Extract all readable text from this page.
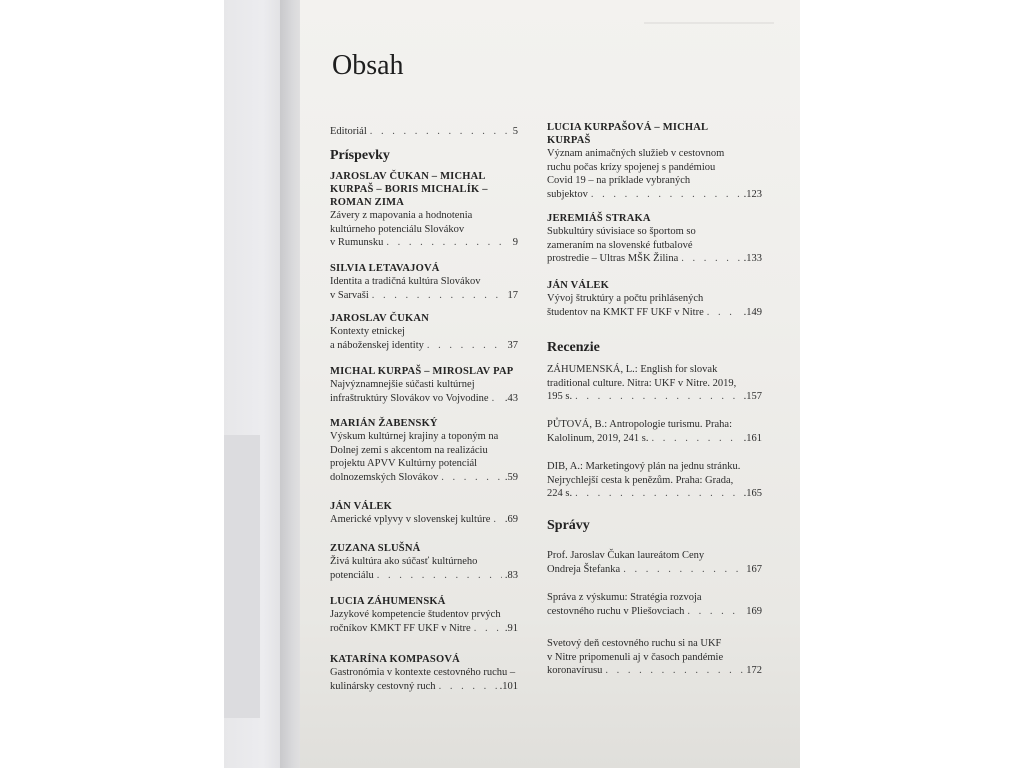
Obsah
Editoriál . . .	5
Príspevky
JAROSLAV ČUKAN – MICHAL
KURPAŠ – BORIS MICHALÍK –
ROMAN ZIMA
Závery z mapovania a hodnotenia
kultúrneho potenciálu Slovákov
v Rumunsku . . .	9
SILVIA LETAVAJOVÁ
Identita a tradičná kultúra Slovákov
v Sarvaši . . .	17
JAROSLAV ČUKAN
Kontexty etnickej
a náboženskej identity . . .	37
MICHAL KURPAŠ – MIROSLAV PAP
Najvýznamnejšie súčasti kultúrnej
infraštruktúry Slovákov vo Vojvodine . . . .43
MARIÁN ŽABENSKÝ
Výskum kultúrnej krajiny a toponým na
Dolnej zemi s akcentom na realizáciu
projektu APVV Kultúrny potenciál
dolnozemských Slovákov . . .	.59
JÁN VÁLEK
Americké vplyvy v slovenskej kultúre . . . .69
ZUZANA SLUŠNÁ
Živá kultúra ako súčasť kultúrneho
potenciálu . . .	.83
LUCIA ZÁHUMENSKÁ
Jazykové kompetencie študentov prvých
ročníkov KMKT FF UKF v Nitre . . .	.91
KATARÍNA KOMPASOVÁ
Gastronómia v kontexte cestovného ruchu –
kulinársky cestovný ruch . . .	.101
LUCIA KURPAŠOVÁ – MICHAL
KURPAŠ
Význam animačných služieb v cestovnom
ruchu počas krízy spojenej s pandémiou
Covid 19 – na príklade vybraných
subjektov . . .	.123
JEREMIÁŠ STRAKA
Subkultúry súvisiace so športom so
zameraním na slovenské futbalové
prostredie – Ultras MŠK Žilina . . .	.133
JÁN VÁLEK
Vývoj štruktúry a počtu prihlásených
študentov na KMKT FF UKF v Nitre . . .	.149
Recenzie
ZÁHUMENSKÁ, L.: English for slovak
traditional culture. Nitra: UKF v Nitre. 2019,
195 s. . . .	.157
PŮTOVÁ, B.: Antropologie turismu. Praha:
Kalolinum, 2019, 241 s. . . .	.161
DIB, A.: Marketingový plán na jednu stránku.
Nejrychlejší cesta k penězům. Praha: Grada,
224 s. . . .	.165
Správy
Prof. Jaroslav Čukan laureátom Ceny
Ondreja Štefanka . . .	167
Správa z výskumu: Stratégia rozvoja
cestovného ruchu v Pliešovciach . . .	169
Svetový deň cestovného ruchu si na UKF
v Nitre pripomenuli aj v časoch pandémie
koronavírusu . . .	172
